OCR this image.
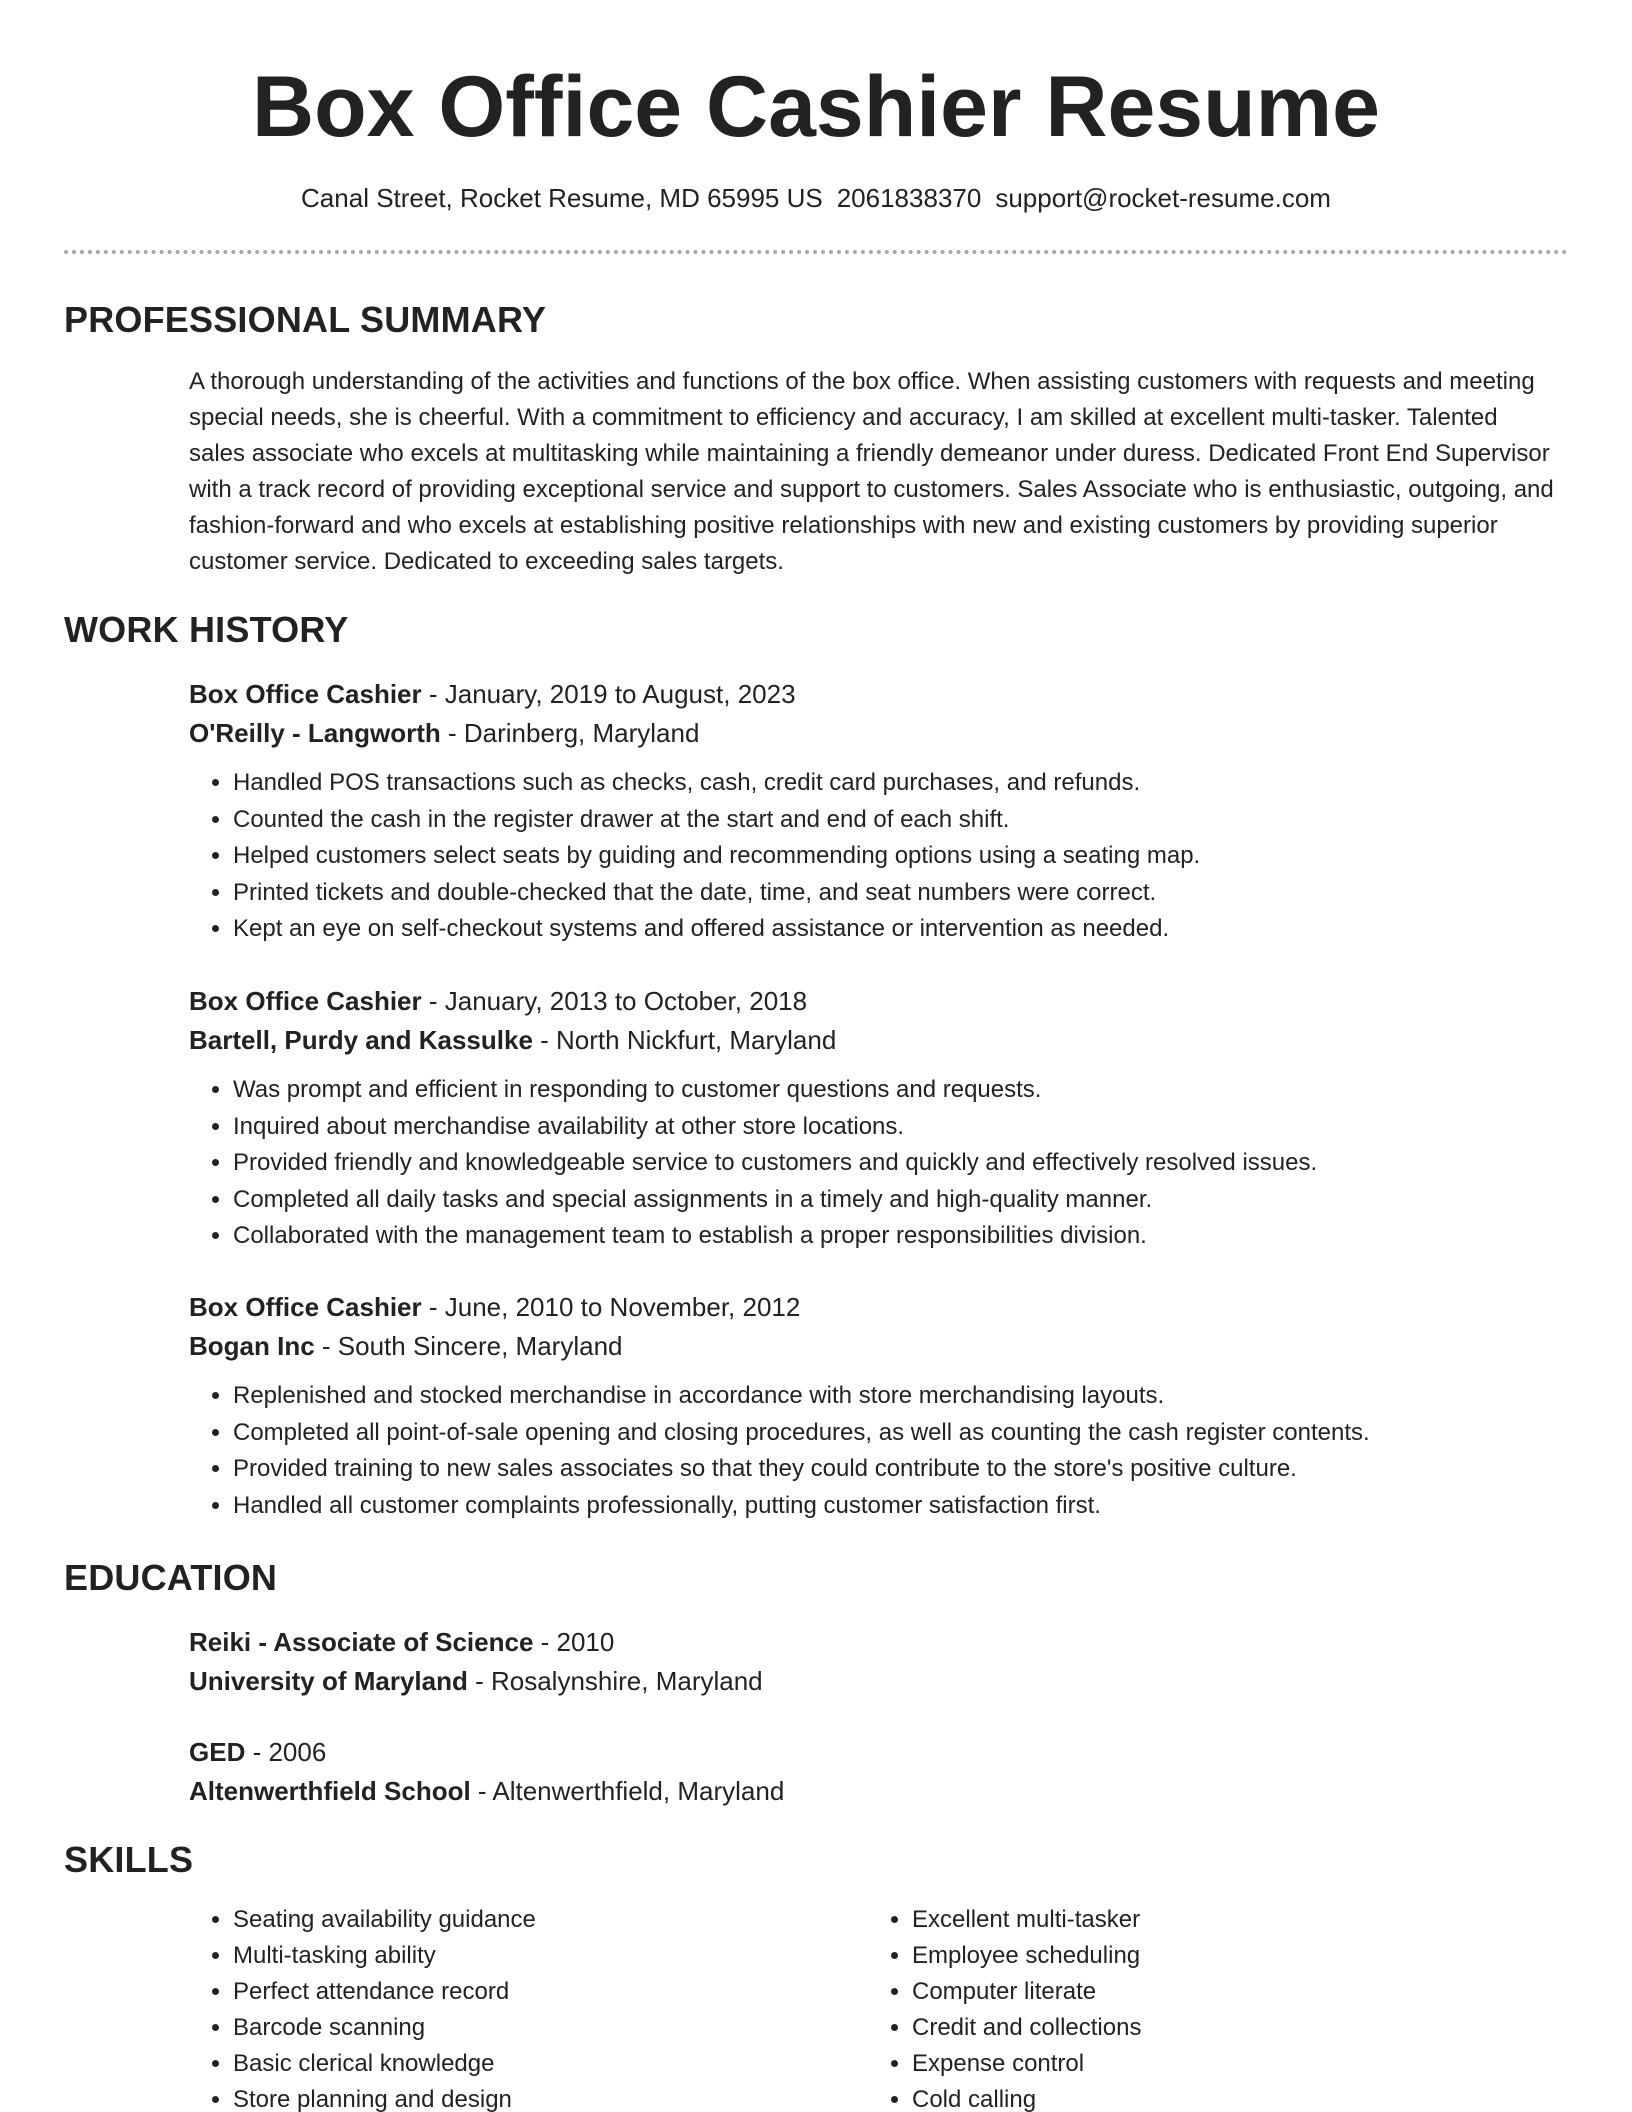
Box Office Cashier Resume
Canal Street, Rocket Resume, MD 65995 US 2061838370 support@rocket-resume.com
PROFESSIONAL SUMMARY

A thorough understanding of the activities and functions of the box office. When assisting customers with requests and meeting special needs, she is cheerful. With a commitment to efficiency and accuracy, I am skilled at excellent multi-tasker. Talented sales associate who excels at multitasking while maintaining a friendly demeanor under duress. Dedicated Front End Supervisor with a track record of providing exceptional service and support to customers. Sales Associate who is enthusiastic, outgoing, and fashion-forward and who excels at establishing positive relationships with new and existing customers by providing superior customer service. Dedicated to exceeding sales targets.

WORK HISTORY
Box Office Cashier - January, 2019 to August, 2023
O'Reilly - Langworth - Darinberg, Maryland
• Handled POS transactions such as checks, cash, credit card purchases, and refunds.
• Counted the cash in the register drawer at the start and end of each shift.
• Helped customers select seats by guiding and recommending options using a seating map.
• Printed tickets and double-checked that the date, time, and seat numbers were correct.
• Kept an eye on self-checkout systems and offered assistance or intervention as needed.
Box Office Cashier - January, 2013 to October, 2018
Bartell, Purdy and Kassulke - North Nickfurt, Maryland
• Was prompt and efficient in responding to customer questions and requests.
• Inquired about merchandise availability at other store locations.
• Provided friendly and knowledgeable service to customers and quickly and effectively resolved issues.
• Completed all daily tasks and special assignments in a timely and high-quality manner.
• Collaborated with the management team to establish a proper responsibilities division.
Box Office Cashier - June, 2010 to November, 2012
Bogan Inc - South Sincere, Maryland
• Replenished and stocked merchandise in accordance with store merchandising layouts.
• Completed all point-of-sale opening and closing procedures, as well as counting the cash register contents.
• Provided training to new sales associates so that they could contribute to the store's positive culture.
• Handled all customer complaints professionally, putting customer satisfaction first.
EDUCATION
Reiki - Associate of Science - 2010
University of Maryland - Rosalynshire, Maryland
GED - 2006
Altenwerthfield School - Altenwerthfield, Maryland
SKILLS
• Seating availability guidance
• Multi-tasking ability
• Perfect attendance record
• Barcode scanning
• Basic clerical knowledge
• Store planning and design
• Excellent multi-tasker
• Employee scheduling
• Computer literate
• Credit and collections
• Expense control
• Cold calling
